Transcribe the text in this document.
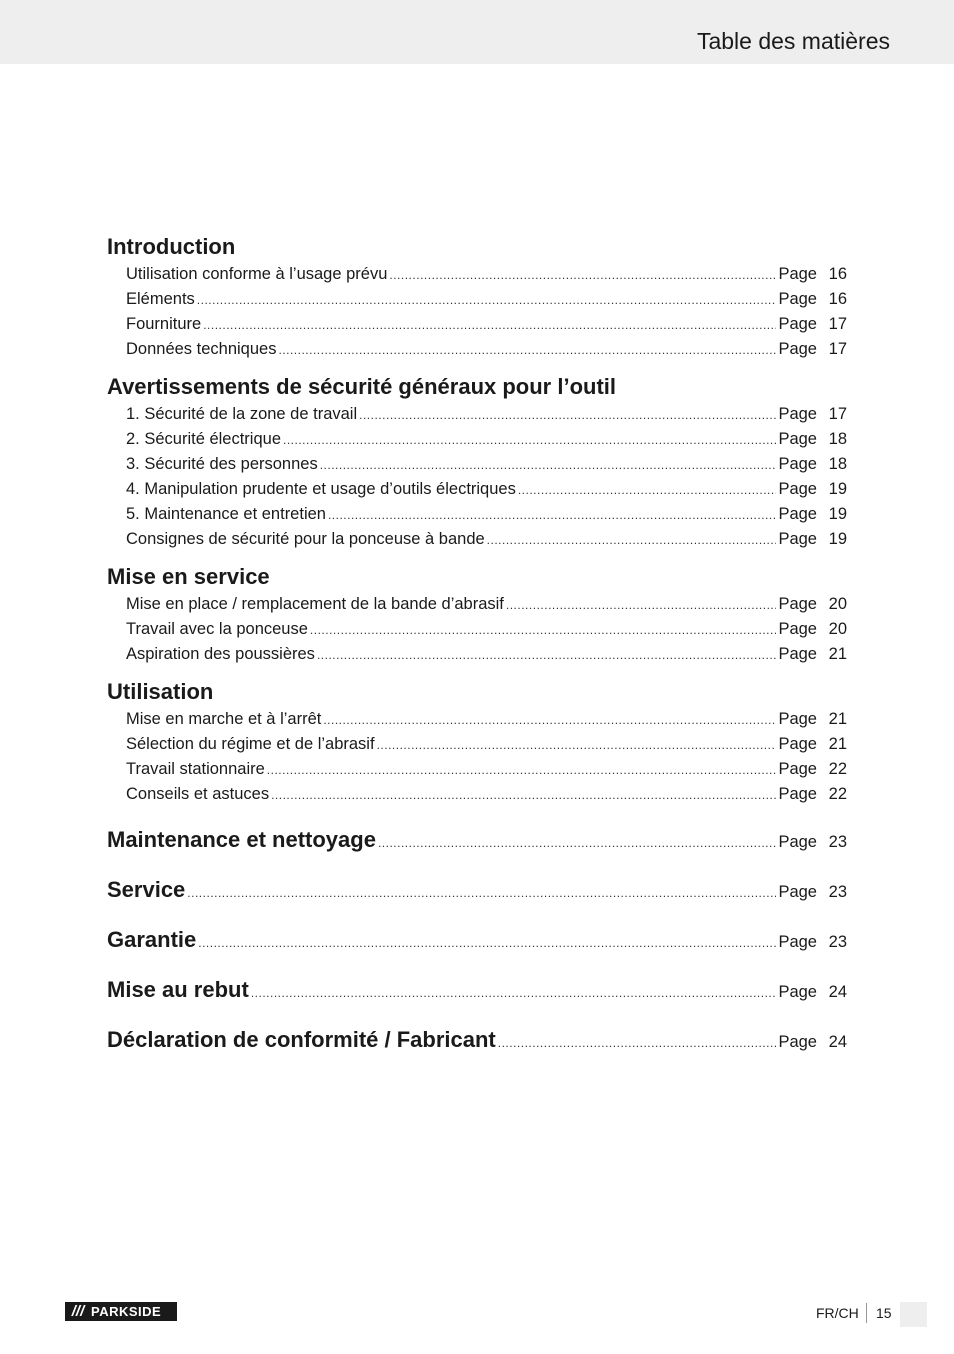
Table des matières
Introduction
Utilisation conforme à l’usage prévu .....	Page 16
Eléments .....	Page 16
Fourniture .....	Page 17
Données techniques .....	Page 17
Avertissements de sécurité généraux pour l’outil
1. Sécurité de la zone de travail .....	Page 17
2. Sécurité électrique .....	Page 18
3. Sécurité des personnes .....	Page 18
4. Manipulation prudente et usage d’outils électriques .....	Page 19
5. Maintenance et entretien .....	Page 19
Consignes de sécurité pour la ponceuse à bande .....	Page 19
Mise en service
Mise en place / remplacement de la bande d’abrasif .....	Page 20
Travail avec la ponceuse .....	Page 20
Aspiration des poussières .....	Page 21
Utilisation
Mise en marche et à l’arrêt .....	Page 21
Sélection du régime et de l’abrasif .....	Page 21
Travail stationnaire .....	Page 22
Conseils et astuces .....	Page 22
Maintenance et nettoyage .....	Page 23
Service .....	Page 23
Garantie .....	Page 23
Mise au rebut .....	Page 24
Déclaration de conformité / Fabricant .....	Page 24
/// PARKSIDE	FR/CH 15
